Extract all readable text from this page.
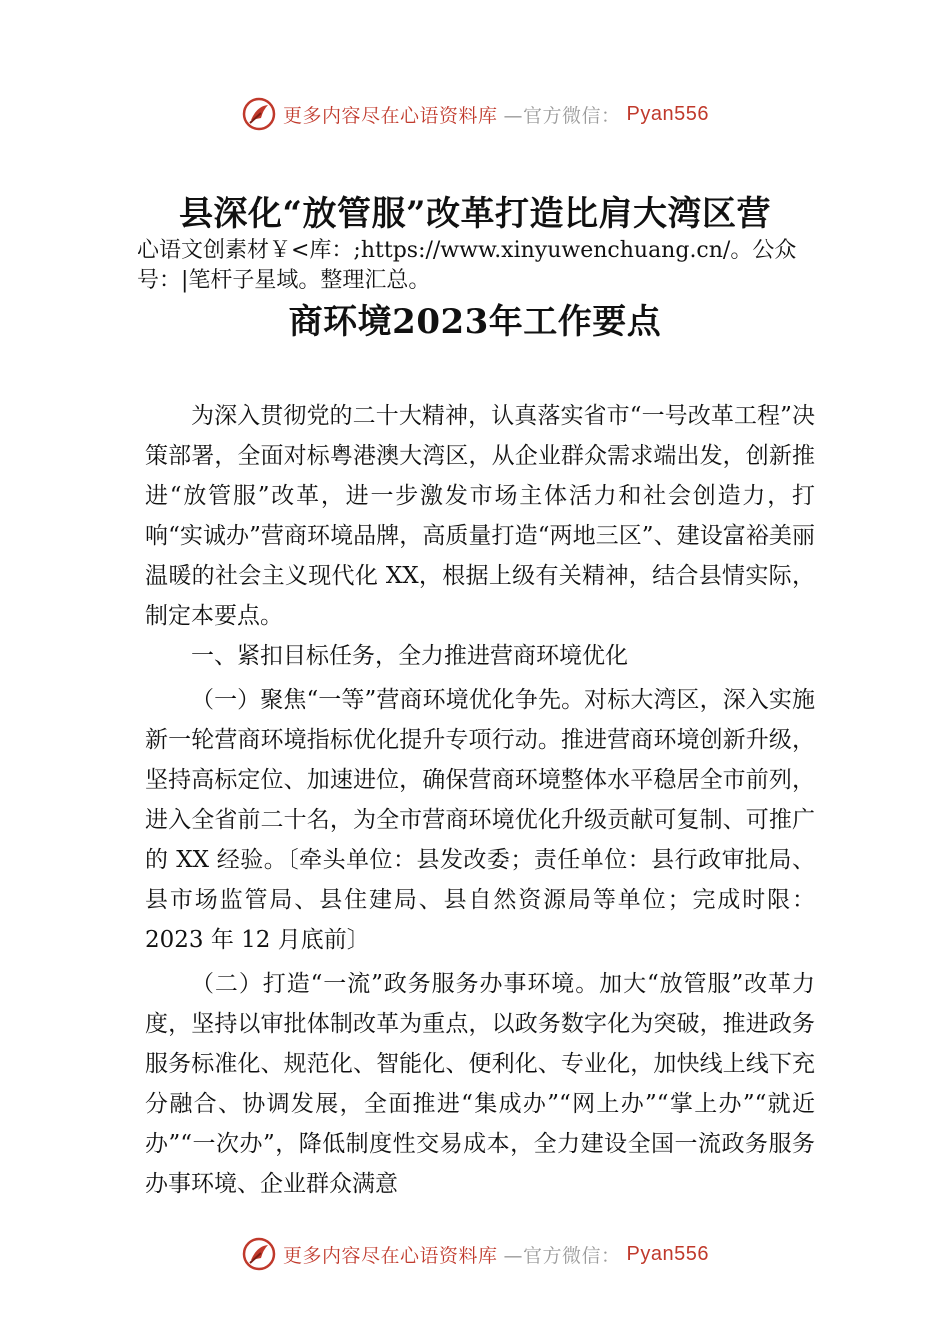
更多内容尽在心语资料库 —官方微信： Pyan556
县深化“放管服”改革打造比肩大湾区营
心语文创素材￥<库：;https://www.xinyuwenchuang.cn/。公众号：|笔杆子星域。整理汇总。
商环境2023年工作要点

为深入贯彻党的二十大精神，认真落实省市“一号改革工程”决策部署，全面对标粤港澳大湾区，从企业群众需求端出发，创新推进“放管服”改革，进一步激发市场主体活力和社会创造力，打响“实诚办”营商环境品牌，高质量打造“两地三区”、建设富裕美丽温暖的社会主义现代化 XX，根据上级有关精神，结合县情实际，制定本要点。

一、紧扣目标任务，全力推进营商环境优化

（一）聚焦“一等”营商环境优化争先。对标大湾区，深入实施新一轮营商环境指标优化提升专项行动。推进营商环境创新升级，坚持高标定位、加速进位，确保营商环境整体水平稳居全市前列，进入全省前二十名，为全市营商环境优化升级贡献可复制、可推广的 XX 经验。〔牵头单位：县发改委；责任单位：县行政审批局、县市场监管局、县住建局、县自然资源局等单位；完成时限：2023 年 12 月底前〕

（二）打造“一流”政务服务办事环境。加大“放管服”改革力度，坚持以审批体制改革为重点，以政务数字化为突破，推进政务服务标准化、规范化、智能化、便利化、专业化，加快线上线下充分融合、协调发展，全面推进“集成办”“网上办”“掌上办”“就近办”“一次办”，降低制度性交易成本，全力建设全国一流政务服务办事环境、企业群众满意

更多内容尽在心语资料库 —官方微信： Pyan556
